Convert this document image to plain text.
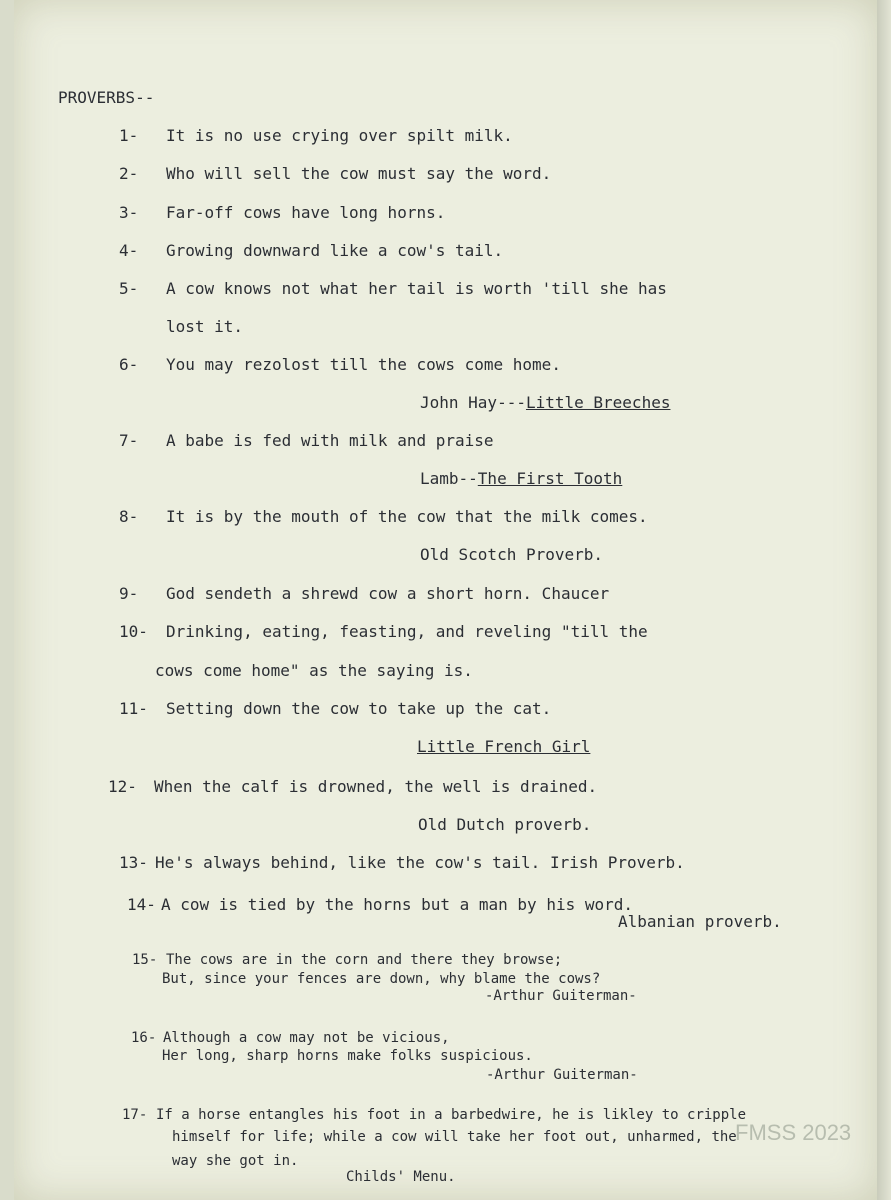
PROVERBS--

1- It is no use crying over spilt milk.

2- Who will sell the cow must say the word.

3- Far-off cows have long horns.

4- Growing downward like a cow's tail.

5- A cow knows not what her tail is worth 'till she has

lost it.

6- You may rezolost till the cows come home.

John Hay---Little Breeches

7- A babe is fed with milk and praise

Lamb--The First Tooth

8- It is by the mouth of the cow that the milk comes.

Old Scotch Proverb.

9- God sendeth a shrewd cow a short horn. Chaucer

10- Drinking, eating, feasting, and reveling "till the

cows come home" as the saying is.

11- Setting down the cow to take up the cat.

Little French Girl

12- When the calf is drowned, the well is drained.

Old Dutch proverb.

13- He's always behind, like the cow's tail. Irish Proverb.

14- A cow is tied by the horns but a man by his word.

Albanian proverb.

15- The cows are in the corn and there they browse;

But, since your fences are down, why blame the cows?

-Arthur Guiterman-

16- Although a cow may not be vicious,

Her long, sharp horns make folks suspicious.

-Arthur Guiterman-

17- If a horse entangles his foot in a barbedwire, he is likley to cripple

himself for life; while a cow will take her foot out, unharmed, the

way she got in.

Childs' Menu.

FMSS 2023
